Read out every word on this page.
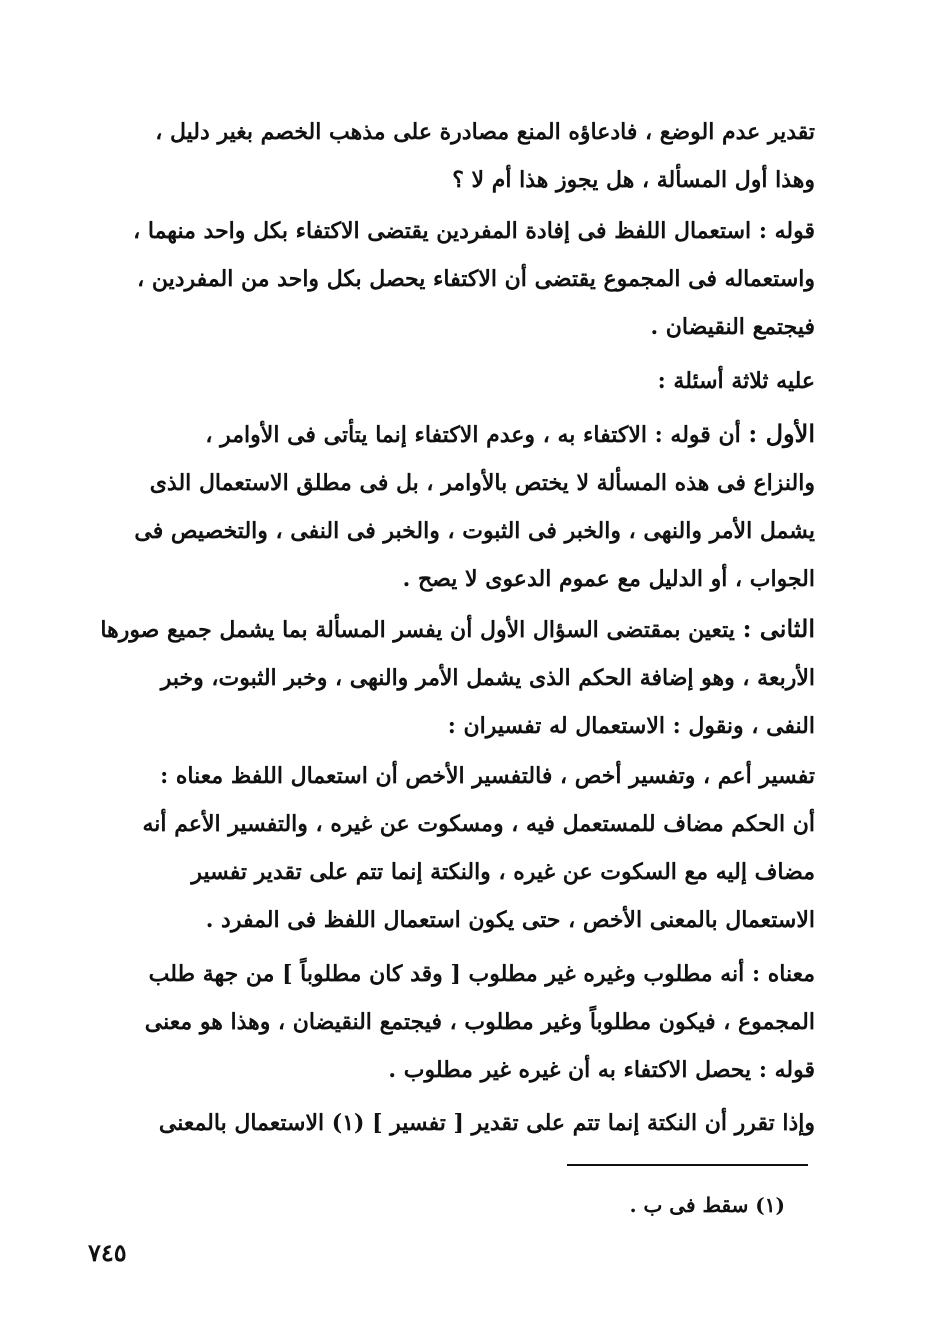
تقدير عدم الوضع ، فادعاؤه المنع مصادرة على مذهب الخصم بغير دليل ،
وهذا أول المسألة ، هل يجوز هذا أم لا ؟
قوله : استعمال اللفظ فى إفادة المفردين يقتضى الاكتفاء بكل واحد منهما ،
واستعماله فى المجموع يقتضى أن الاكتفاء يحصل بكل واحد من المفردين ،
فيجتمع النقيضان .
عليه ثلاثة أسئلة :
الأول : أن قوله : الاكتفاء به ، وعدم الاكتفاء إنما يتأتى فى الأوامر ،
والنزاع فى هذه المسألة لا يختص بالأوامر ، بل فى مطلق الاستعمال الذى
يشمل الأمر والنهى ، والخبر فى الثبوت ، والخبر فى النفى ، والتخصيص فى
الجواب ، أو الدليل مع عموم الدعوى لا يصح .
الثانى : يتعين بمقتضى السؤال الأول أن يفسر المسألة بما يشمل جميع صورها
الأربعة ، وهو إضافة الحكم الذى يشمل الأمر والنهى ، وخبر الثبوت، وخبر
النفى ، ونقول : الاستعمال له تفسيران :
تفسير أعم ، وتفسير أخص ، فالتفسير الأخص أن استعمال اللفظ معناه :
أن الحكم مضاف للمستعمل فيه ، ومسكوت عن غيره ، والتفسير الأعم أنه
مضاف إليه مع السكوت عن غيره ، والنكتة إنما تتم على تقدير تفسير
الاستعمال بالمعنى الأخص ، حتى يكون استعمال اللفظ فى المفرد .
معناه : أنه مطلوب وغيره غير مطلوب [ وقد كان مطلوباً ] من جهة طلب
المجموع ، فيكون مطلوباً وغير مطلوب ، فيجتمع النقيضان ، وهذا هو معنى
قوله : يحصل الاكتفاء به أن غيره غير مطلوب .
وإذا تقرر أن النكتة إنما تتم على تقدير [ تفسير ] (١) الاستعمال بالمعنى
(١) سقط فى ب .
٧٤٥
